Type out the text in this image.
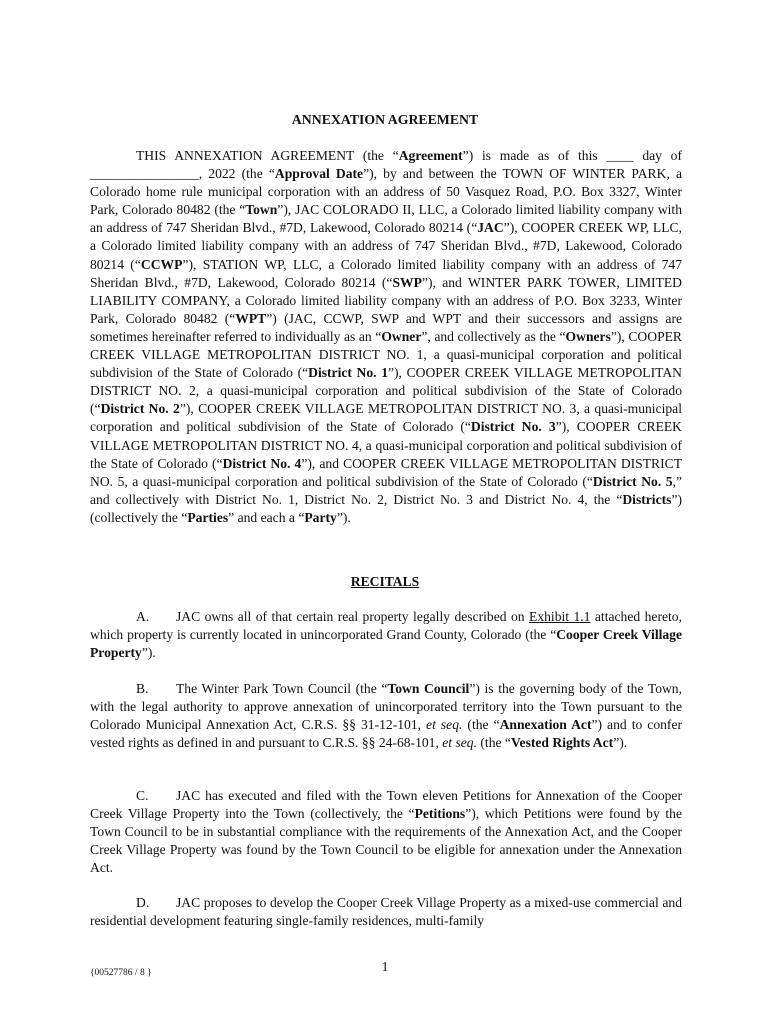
ANNEXATION AGREEMENT

THIS ANNEXATION AGREEMENT (the “Agreement”) is made as of this ____ day of ________________, 2022 (the “Approval Date”), by and between the TOWN OF WINTER PARK, a Colorado home rule municipal corporation with an address of 50 Vasquez Road, P.O. Box 3327, Winter Park, Colorado 80482 (the “Town”), JAC COLORADO II, LLC, a Colorado limited liability company with an address of 747 Sheridan Blvd., #7D, Lakewood, Colorado 80214 (“JAC”), COOPER CREEK WP, LLC, a Colorado limited liability company with an address of 747 Sheridan Blvd., #7D, Lakewood, Colorado 80214 (“CCWP”), STATION WP, LLC, a Colorado limited liability company with an address of 747 Sheridan Blvd., #7D, Lakewood, Colorado 80214 (“SWP”), and WINTER PARK TOWER, LIMITED LIABILITY COMPANY, a Colorado limited liability company with an address of P.O. Box 3233, Winter Park, Colorado 80482 (“WPT”) (JAC, CCWP, SWP and WPT and their successors and assigns are sometimes hereinafter referred to individually as an “Owner”, and collectively as the “Owners”), COOPER CREEK VILLAGE METROPOLITAN DISTRICT NO. 1, a quasi-municipal corporation and political subdivision of the State of Colorado (“District No. 1”), COOPER CREEK VILLAGE METROPOLITAN DISTRICT NO. 2, a quasi-municipal corporation and political subdivision of the State of Colorado (“District No. 2”), COOPER CREEK VILLAGE METROPOLITAN DISTRICT NO. 3, a quasi-municipal corporation and political subdivision of the State of Colorado (“District No. 3”), COOPER CREEK VILLAGE METROPOLITAN DISTRICT NO. 4, a quasi-municipal corporation and political subdivision of the State of Colorado (“District No. 4”), and COOPER CREEK VILLAGE METROPOLITAN DISTRICT NO. 5, a quasi-municipal corporation and political subdivision of the State of Colorado (“District No. 5,” and collectively with District No. 1, District No. 2, District No. 3 and District No. 4, the “Districts”) (collectively the “Parties” and each a “Party”).

RECITALS

A. JAC owns all of that certain real property legally described on Exhibit 1.1 attached hereto, which property is currently located in unincorporated Grand County, Colorado (the “Cooper Creek Village Property”).

B. The Winter Park Town Council (the “Town Council”) is the governing body of the Town, with the legal authority to approve annexation of unincorporated territory into the Town pursuant to the Colorado Municipal Annexation Act, C.R.S. §§ 31-12-101, et seq. (the “Annexation Act”) and to confer vested rights as defined in and pursuant to C.R.S. §§ 24-68-101, et seq. (the “Vested Rights Act”).

C. JAC has executed and filed with the Town eleven Petitions for Annexation of the Cooper Creek Village Property into the Town (collectively, the “Petitions”), which Petitions were found by the Town Council to be in substantial compliance with the requirements of the Annexation Act, and the Cooper Creek Village Property was found by the Town Council to be eligible for annexation under the Annexation Act.

D. JAC proposes to develop the Cooper Creek Village Property as a mixed-use commercial and residential development featuring single-family residences, multi-family

{00527786 / 8 }	1
